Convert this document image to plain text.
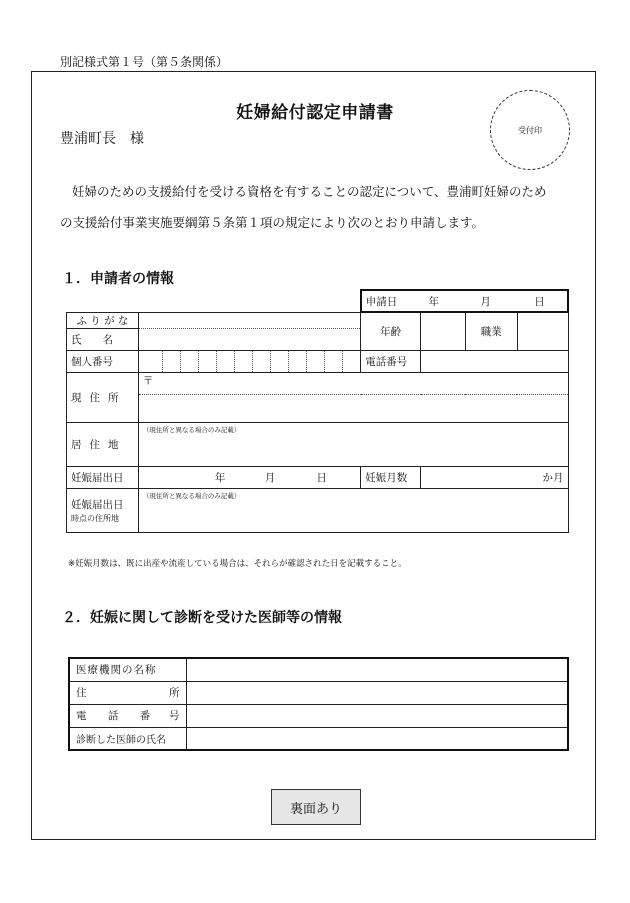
別記様式第１号（第５条関係）
妊婦給付認定申請書
豊浦町長　様
受付印

妊婦のための支援給付を受ける資格を有することの認定について、豊浦町妊婦のため

の支援給付事業実施要綱第５条第１項の規定により次のとおり申請します。

１．申請者の情報
		申請日 年 月 日			
ふ り が な		年齢		職業	
氏　　名					
個人番号		電話番号			
現住所	〒				

居住地	（現住所と異なる場合のみ記載）				

妊娠届出日	年 月 日	妊娠月数	か月		
妊娠届出日
時点の住所地	（現住所と異なる場合のみ記載）				
※妊娠月数は、既に出産や流産している場合は、それらが確認された日を記載すること。
２．妊娠に関して診断を受けた医師等の情報
医療機関の名称	
住 所	

電 話 番 号	

診断した医師の氏名	
裏面あり
